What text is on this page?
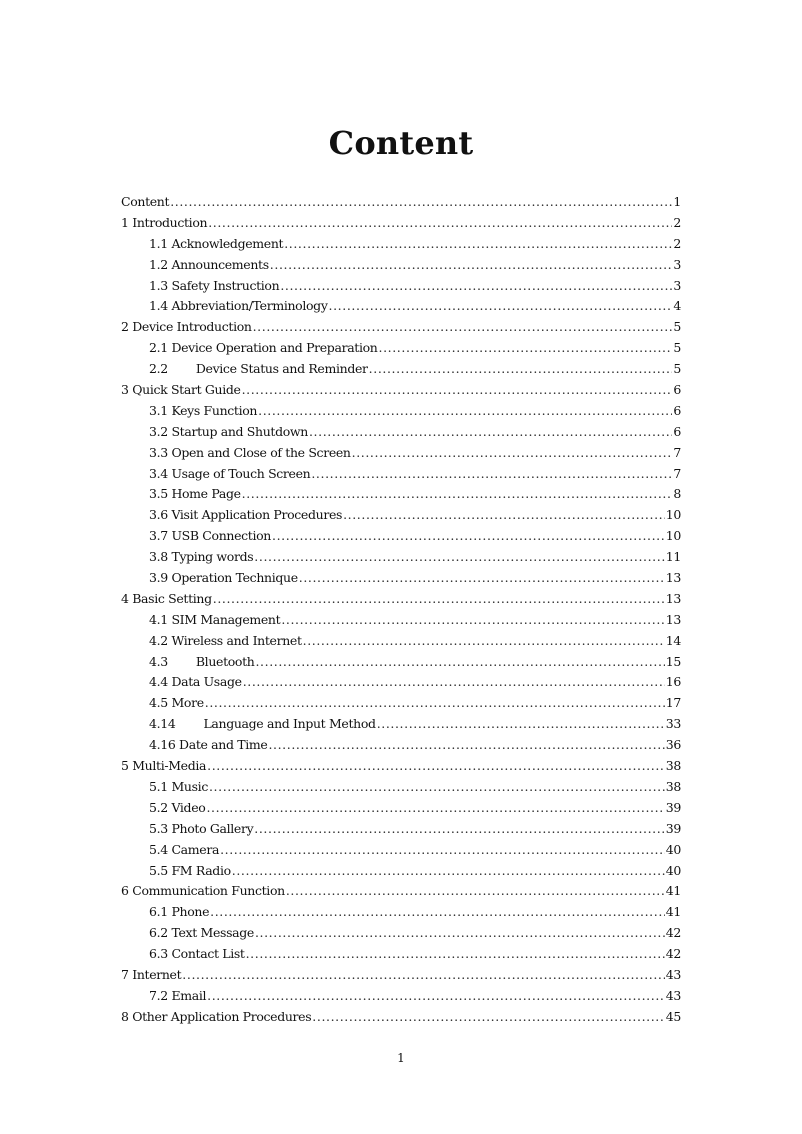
Content
Content .....	1
1 Introduction .....	2
1.1 Acknowledgement .....	2
1.2 Announcements .....	3
1.3 Safety Instruction .....	3
1.4 Abbreviation/Terminology .....	4
2 Device Introduction .....	5
2.1 Device Operation and Preparation .....	5
2.2 Device Status and Reminder .....	5
3 Quick Start Guide .....	6
3.1 Keys Function .....	6
3.2 Startup and Shutdown .....	6
3.3 Open and Close of the Screen .....	7
3.4 Usage of Touch Screen .....	7
3.5 Home Page .....	8
3.6 Visit Application Procedures .....	10
3.7 USB Connection .....	10
3.8 Typing words .....	11
3.9 Operation Technique .....	13
4 Basic Setting .....	13
4.1 SIM Management .....	13
4.2 Wireless and Internet .....	14
4.3 Bluetooth .....	15
4.4 Data Usage .....	16
4.5 More .....	17
4.14 Language and Input Method .....	33
4.16 Date and Time .....	36
5 Multi-Media .....	38
5.1 Music .....	38
5.2 Video .....	39
5.3 Photo Gallery .....	39
5.4 Camera .....	40
5.5 FM Radio .....	40
6 Communication Function .....	41
6.1 Phone .....	41
6.2 Text Message .....	42
6.3 Contact List .....	42
7 Internet .....	43
7.2 Email .....	43
8 Other Application Procedures .....	45
1
